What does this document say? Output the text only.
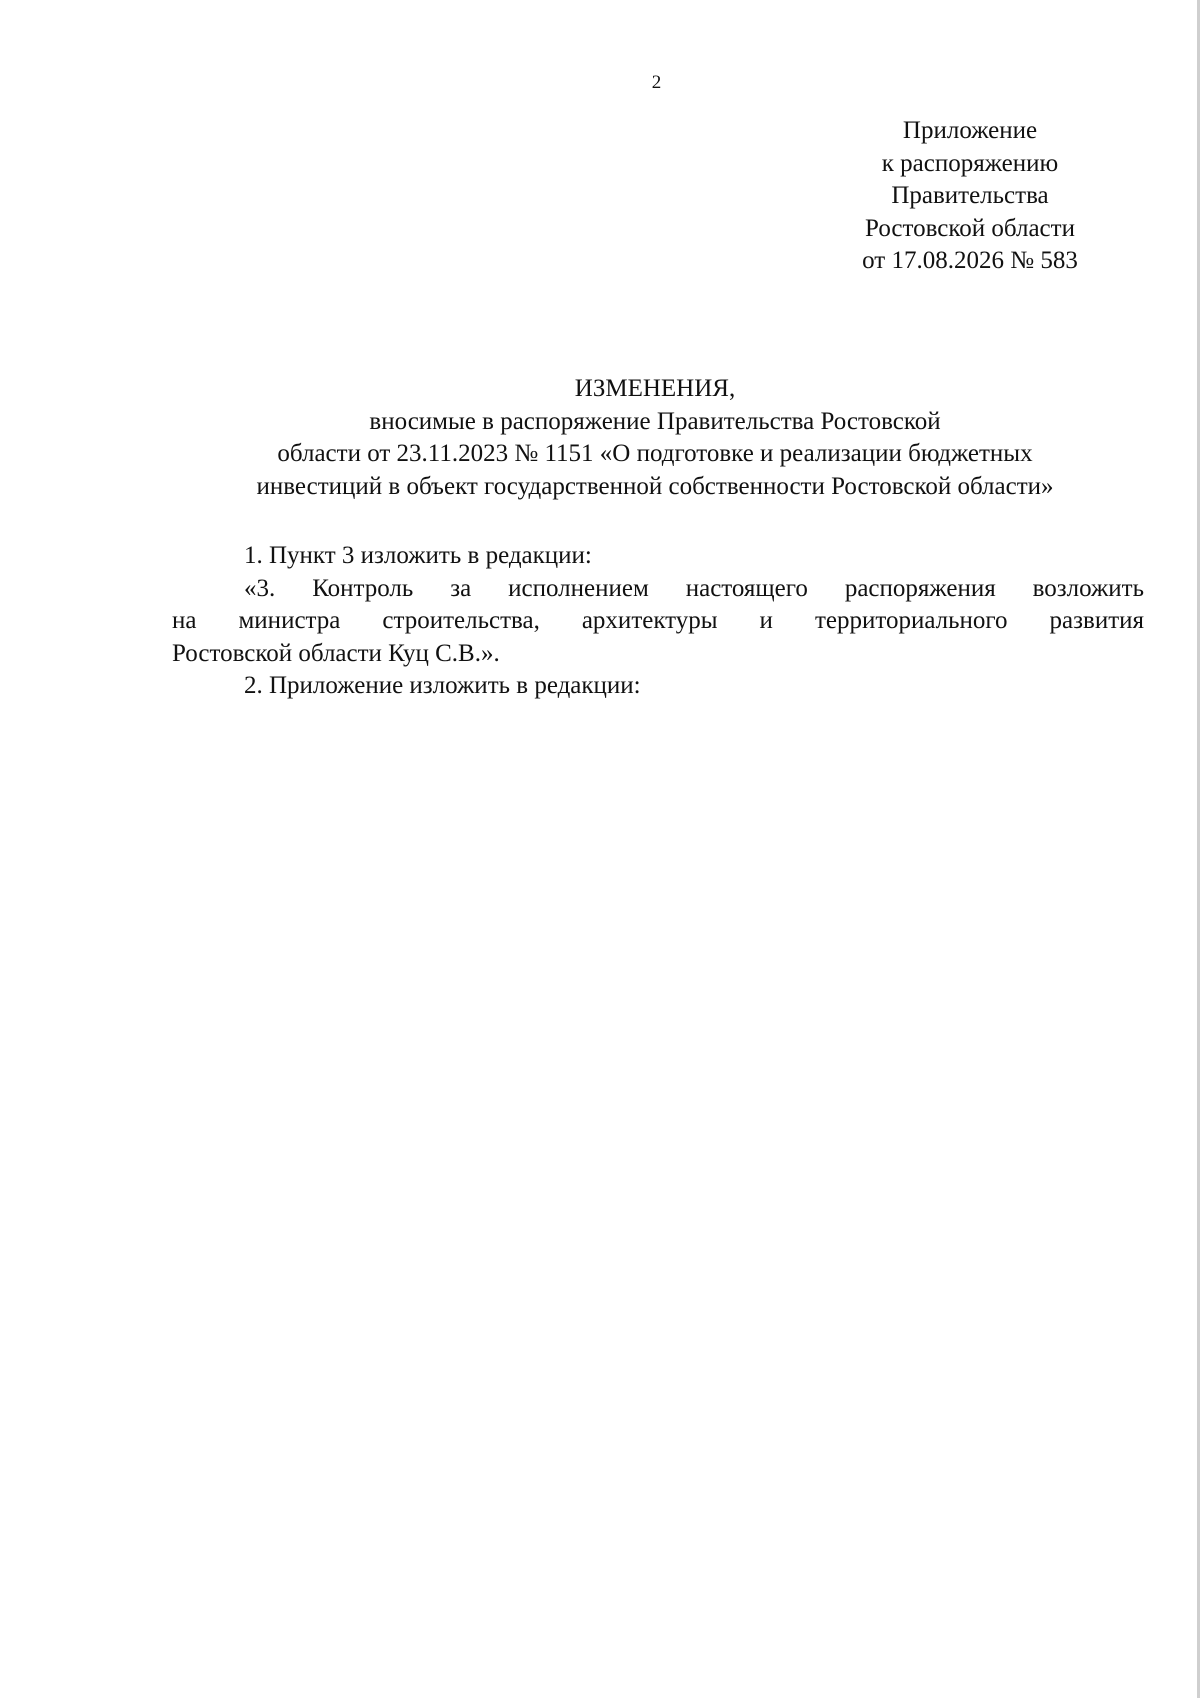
2
Приложение
к распоряжению
Правительства
Ростовской области
от 17.08.2026 № 583
ИЗМЕНЕНИЯ,
вносимые в распоряжение Правительства Ростовской
области от 23.11.2023 № 1151 «О подготовке и реализации бюджетных
инвестиций в объект государственной собственности Ростовской области»

1. Пункт 3 изложить в редакции:

«3. Контроль за исполнением настоящего распоряжения возложить

на министра строительства, архитектуры и территориального развития

Ростовской области Куц С.В.».

2. Приложение изложить в редакции:
